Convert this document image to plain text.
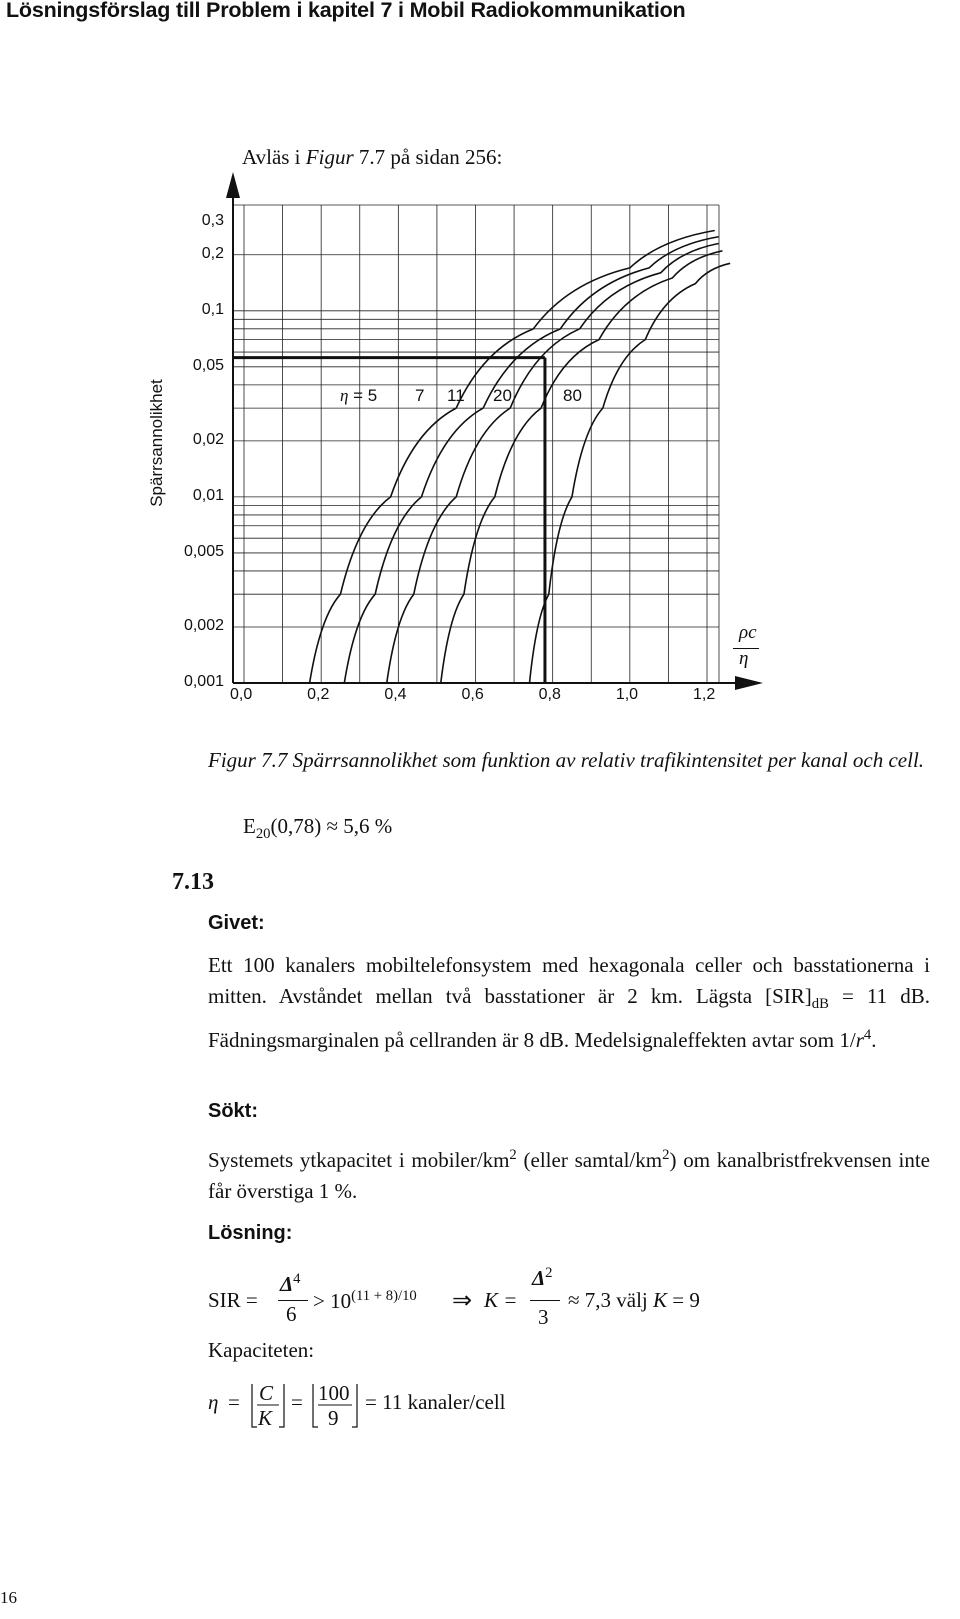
Lösningsförslag till Problem i kapitel 7 i Mobil Radiokommunikation
Avläs i Figur 7.7 på sidan 256:
Spärrsannolikhet
0,3
0,2
0,1
0,05
0,02
0,01
0,005
0,002
0,001
0,0	0,2	0,4	0,6	0,8	1,0	1,2
ρc
η
η = 5 7 11 20	80
Figur 7.7 Spärrsannolikhet som funktion av relativ trafikintensitet per kanal och cell.
$E_{20}(0,78) \approx 5,6$ %
7.13
Givet:
Ett 100 kanalers mobiltelefonsystem med hexagonala celler och basstationerna i mitten. Avståndet mellan två basstationer är 2 km. Lägsta $[SIR]_{dB} = 11$ dB. Fädningsmarginalen på cellranden är 8 dB. Medelsignaleffekten avtar som $1/r^4$.
Sökt:
Systemets ytkapacitet i mobiler/$km^2$ (eller samtal/$km^2$) om kanalbristfrekvensen inte får överstiga 1 %.
Lösning:
SIR =
$\Delta^4$
6
> $10^{(11 + 8)/10}$ ⇒ K =
$\Delta^2$
3
≈ 7,3 välj K = 9
Kapaciteten:
η = C
K
= 100
9
= 11 kanaler/cell
16
